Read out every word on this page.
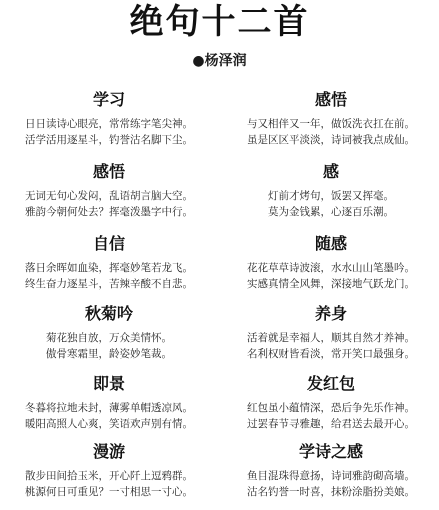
绝句十二首
●杨泽润
学习
日日读诗心眼亮，常常练字笔尖神。
活学活用逐星斗，钓誉沽名脚下尘。
感悟
无词无句心发闷，乱语胡言脑大空。
雅韵今朝何处去？挥毫泼墨字中行。
自信
落日余晖如血染，挥毫妙笔若龙飞。
终生奋力逐星斗，苦辣辛酸不自悲。
秋菊吟
菊花独自放，万众美情怀。
傲骨寒霜里，龄姿妙笔裁。
即景
冬暮将拉地未封，薄雾单帽透凉风。
暖阳高照人心爽，笑语欢声别有情。
漫游
散步田间拾玉米，开心阡上逗鸦群。
桃源何日可重见？一寸相思一寸心。
感悟
与又相伴又一年，做饭洗衣扛在前。
虽是区区平淡淡，诗词被我点成仙。
感
灯前才烤句，饭罢又挥毫。
莫为金钱累，心逐百乐潮。
随感
花花草草诗波滚，水水山山笔墨吟。
实感真情全风舞，深接地气跃龙门。
养身
活着就是幸福人，顺其自然才养神。
名利权财皆看淡，常开笑口最强身。
发红包
红包虽小蕴情深，恐后争先乐作神。
过罢春节寻雅趣，给君送去最开心。
学诗之感
鱼目混珠得意扬，诗词雅韵砌高墙。
沽名钓誉一时喜，抹粉涂脂扮美娘。
